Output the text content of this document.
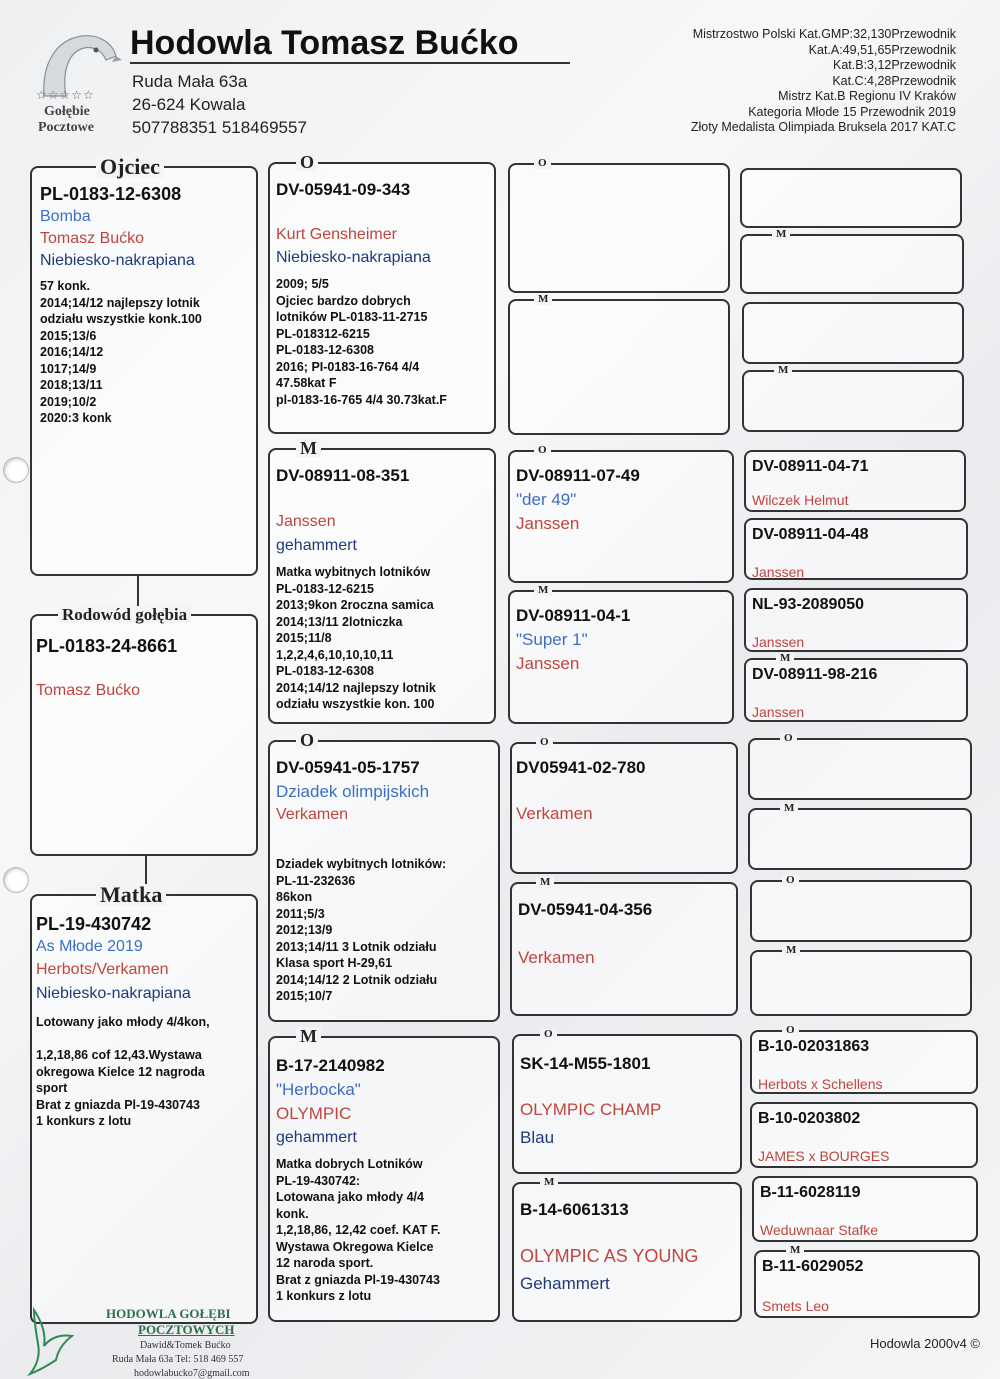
☆☆☆☆☆
Gołębie
Pocztowe
Hodowla Tomasz Bućko
Ruda Mała 63a
26-624 Kowala
507788351 518469557
Mistrzostwo Polski Kat.GMP:32,130Przewodnik
Kat.A:49,51,65Przewodnik
Kat.B:3,12Przewodnik
Kat.C:4,28Przewodnik
Mistrz Kat.B Regionu IV Kraków
Kategoria Młode 15 Przewodnik 2019
Złoty Medalista Olimpiada Bruksela 2017 KAT.C
Ojciec
PL-0183-12-6308
Bomba
Tomasz Bućko
Niebiesko-nakrapiana
57 konk.
2014;14/12 najlepszy lotnik
odziału wszystkie konk.100
2015;13/6
2016;14/12
1017;14/9
2018;13/11
2019;10/2
2020:3 konk
Rodowód gołębia
PL-0183-24-8661
Tomasz Bućko
Matka
PL-19-430742
As Młode 2019
Herbots/Verkamen
Niebiesko-nakrapiana
Lotowany jako młody 4/4kon,

1,2,18,86 cof 12,43.Wystawa
okregowa Kielce 12 nagroda
sport
Brat z gniazda Pl-19-430743
1 konkurs z lotu
O
DV-05941-09-343
Kurt Gensheimer
Niebiesko-nakrapiana
2009; 5/5
Ojciec bardzo dobrych
lotników PL-0183-11-2715
PL-018312-6215
PL-0183-12-6308
2016; PI-0183-16-764 4/4
47.58kat F
pl-0183-16-765 4/4 30.73kat.F
M
DV-08911-08-351
Janssen
gehammert
Matka wybitnych lotników
PL-0183-12-6215
2013;9kon 2roczna samica
2014;13/11 2lotniczka
2015;11/8
1,2,2,4,6,10,10,10,11
PL-0183-12-6308
2014;14/12 najlepszy lotnik
odziału wszystkie kon. 100
O
DV-05941-05-1757
Dziadek olimpijskich
Verkamen
Dziadek wybitnych lotników:
PL-11-232636
86kon
2011;5/3
2012;13/9
2013;14/11 3 Lotnik odziału
Klasa sport H-29,61
2014;14/12 2 Lotnik odziału
2015;10/7
M
B-17-2140982
"Herbocka"
OLYMPIC
gehammert
Matka dobrych Lotników
PL-19-430742:
Lotowana jako młody 4/4
konk.
1,2,18,86, 12,42 coef. KAT F.
Wystawa Okregowa Kielce
12 naroda sport.
Brat z gniazda Pl-19-430743
1 konkurs z lotu
O
M
O
DV-08911-07-49
"der 49"
Janssen
M
DV-08911-04-1
"Super 1"
Janssen
O
DV05941-02-780
Verkamen
M
DV-05941-04-356
Verkamen
O
SK-14-M55-1801
OLYMPIC CHAMP
Blau
M
B-14-6061313
OLYMPIC AS YOUNG
Gehammert
M
M
DV-08911-04-71
Wilczek Helmut
DV-08911-04-48
Janssen
NL-93-2089050
Janssen
M
DV-08911-98-216
Janssen
O
M
O
M
O
B-10-02031863
Herbots x Schellens
B-10-0203802
JAMES x BOURGES
B-11-6028119
Weduwnaar Stafke
M
B-11-6029052
Smets Leo
HODOWLA GOŁĘBI
POCZTOWYCH
Dawid&Tomek Bućko
Ruda Mała 63a Tel: 518 469 557
hodowlabucko7@gmail.com
Hodowla 2000v4 ©
